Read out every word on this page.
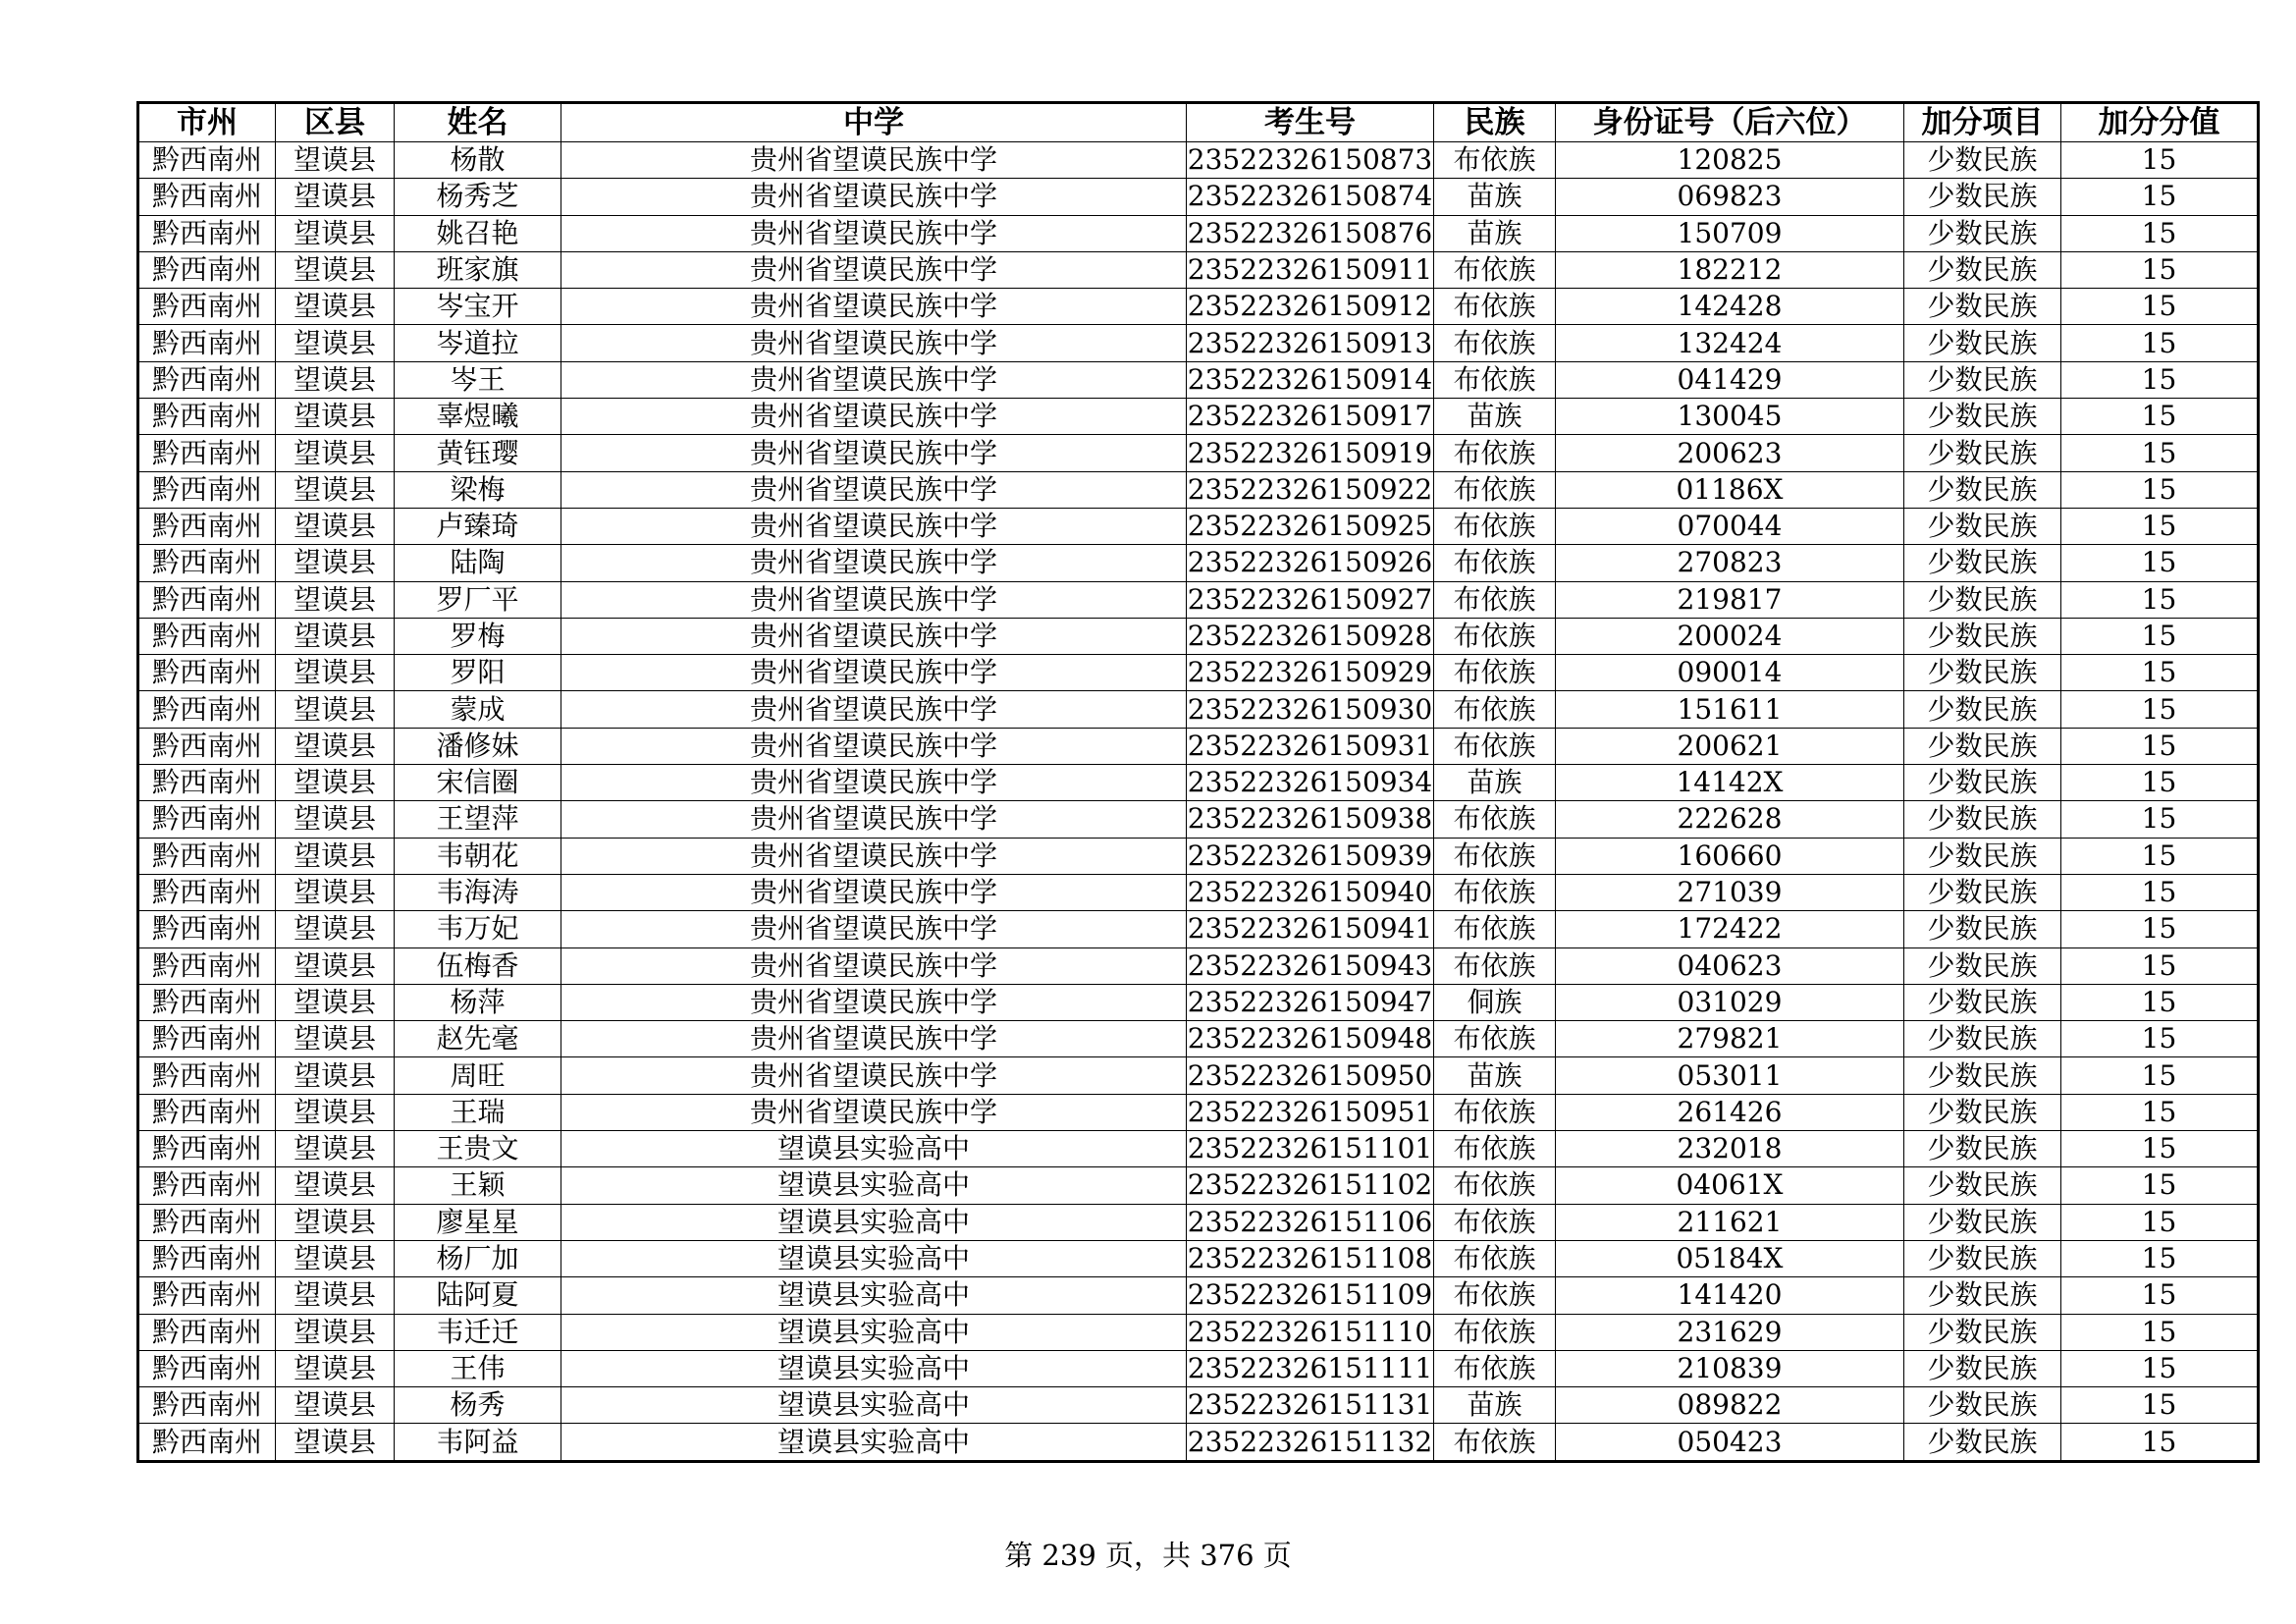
市州	区县	姓名	中学	考生号	民族	身份证号（后六位）	加分项目	加分分值
黔西南州	望谟县	杨散	贵州省望谟民族中学	23522326150873	布依族	120825	少数民族	15
黔西南州	望谟县	杨秀芝	贵州省望谟民族中学	23522326150874	苗族	069823	少数民族	15
黔西南州	望谟县	姚召艳	贵州省望谟民族中学	23522326150876	苗族	150709	少数民族	15
黔西南州	望谟县	班家旗	贵州省望谟民族中学	23522326150911	布依族	182212	少数民族	15
黔西南州	望谟县	岑宝开	贵州省望谟民族中学	23522326150912	布依族	142428	少数民族	15
黔西南州	望谟县	岑道拉	贵州省望谟民族中学	23522326150913	布依族	132424	少数民族	15
黔西南州	望谟县	岑王	贵州省望谟民族中学	23522326150914	布依族	041429	少数民族	15
黔西南州	望谟县	辜煜曦	贵州省望谟民族中学	23522326150917	苗族	130045	少数民族	15
黔西南州	望谟县	黄钰璎	贵州省望谟民族中学	23522326150919	布依族	200623	少数民族	15
黔西南州	望谟县	梁梅	贵州省望谟民族中学	23522326150922	布依族	01186X	少数民族	15
黔西南州	望谟县	卢臻琦	贵州省望谟民族中学	23522326150925	布依族	070044	少数民族	15
黔西南州	望谟县	陆陶	贵州省望谟民族中学	23522326150926	布依族	270823	少数民族	15
黔西南州	望谟县	罗厂平	贵州省望谟民族中学	23522326150927	布依族	219817	少数民族	15
黔西南州	望谟县	罗梅	贵州省望谟民族中学	23522326150928	布依族	200024	少数民族	15
黔西南州	望谟县	罗阳	贵州省望谟民族中学	23522326150929	布依族	090014	少数民族	15
黔西南州	望谟县	蒙成	贵州省望谟民族中学	23522326150930	布依族	151611	少数民族	15
黔西南州	望谟县	潘修妹	贵州省望谟民族中学	23522326150931	布依族	200621	少数民族	15
黔西南州	望谟县	宋信圈	贵州省望谟民族中学	23522326150934	苗族	14142X	少数民族	15
黔西南州	望谟县	王望萍	贵州省望谟民族中学	23522326150938	布依族	222628	少数民族	15
黔西南州	望谟县	韦朝花	贵州省望谟民族中学	23522326150939	布依族	160660	少数民族	15
黔西南州	望谟县	韦海涛	贵州省望谟民族中学	23522326150940	布依族	271039	少数民族	15
黔西南州	望谟县	韦万妃	贵州省望谟民族中学	23522326150941	布依族	172422	少数民族	15
黔西南州	望谟县	伍梅香	贵州省望谟民族中学	23522326150943	布依族	040623	少数民族	15
黔西南州	望谟县	杨萍	贵州省望谟民族中学	23522326150947	侗族	031029	少数民族	15
黔西南州	望谟县	赵先毫	贵州省望谟民族中学	23522326150948	布依族	279821	少数民族	15
黔西南州	望谟县	周旺	贵州省望谟民族中学	23522326150950	苗族	053011	少数民族	15
黔西南州	望谟县	王瑞	贵州省望谟民族中学	23522326150951	布依族	261426	少数民族	15
黔西南州	望谟县	王贵文	望谟县实验高中	23522326151101	布依族	232018	少数民族	15
黔西南州	望谟县	王颖	望谟县实验高中	23522326151102	布依族	04061X	少数民族	15
黔西南州	望谟县	廖星星	望谟县实验高中	23522326151106	布依族	211621	少数民族	15
黔西南州	望谟县	杨厂加	望谟县实验高中	23522326151108	布依族	05184X	少数民族	15
黔西南州	望谟县	陆阿夏	望谟县实验高中	23522326151109	布依族	141420	少数民族	15
黔西南州	望谟县	韦迁迁	望谟县实验高中	23522326151110	布依族	231629	少数民族	15
黔西南州	望谟县	王伟	望谟县实验高中	23522326151111	布依族	210839	少数民族	15
黔西南州	望谟县	杨秀	望谟县实验高中	23522326151131	苗族	089822	少数民族	15
黔西南州	望谟县	韦阿益	望谟县实验高中	23522326151132	布依族	050423	少数民族	15
第 239 页，共 376 页
